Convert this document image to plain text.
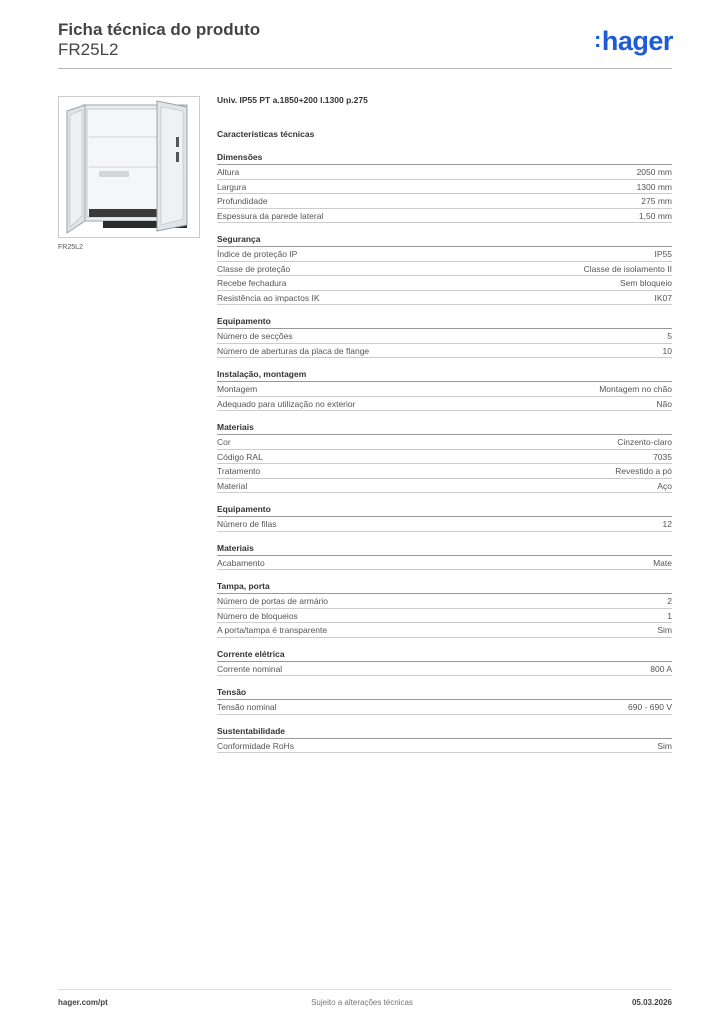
Ficha técnica do produto
FR25L2	:hager
FR25L2
Univ. IP55 PT a.1850+200 l.1300 p.275
Características técnicas
Dimensões
Altura	2050 mm
Largura	1300 mm
Profundidade	275 mm
Espessura da parede lateral	1,50 mm
Segurança
Índice de proteção IP	IP55
Classe de proteção	Classe de isolamento II
Recebe fechadura	Sem bloqueio
Resistência ao impactos IK	IK07
Equipamento
Número de secções	5
Número de aberturas da placa de flange	10
Instalação, montagem
Montagem	Montagem no chão
Adequado para utilização no exterior	Não
Materiais
Cor	Cinzento-claro
Código RAL	7035
Tratamento	Revestido a pó
Material	Aço
Equipamento
Número de filas	12
Materiais
Acabamento	Mate
Tampa, porta
Número de portas de armário	2
Número de bloqueios	1
A porta/tampa é transparente	Sim
Corrente elétrica
Corrente nominal	800 A
Tensão
Tensão nominal	690 - 690 V
Sustentabilidade
Conformidade RoHs	Sim
hager.com/pt	Sujeito a alterações técnicas	05.03.2026
